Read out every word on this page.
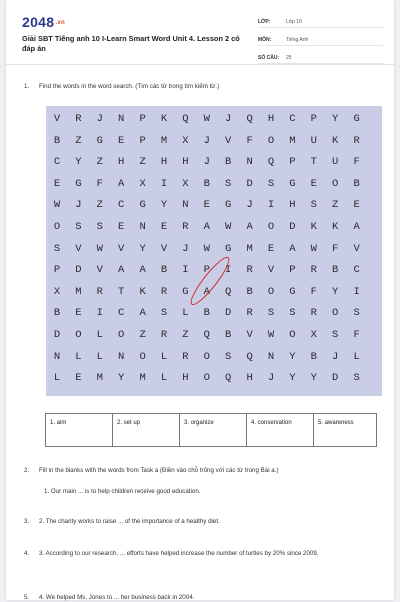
2048.vn
Giải SBT Tiếng anh 10 I-Learn Smart Word Unit 4. Lesson 2 có đáp án
LỚP:	Lớp 10
MÔN:	Tiếng Anh
SỐ CÂU:	25
1. Find the words in the word search. (Tìm các từ trong tìm kiếm từ.)
V	R	J	N	P	K	Q	W	J	Q	H	C	P	Y	G
B	Z	G	E	P	M	X	J	V	F	O	M	U	K	R
C	Y	Z	H	Z	H	H	J	B	N	Q	P	T	U	F
E	G	F	A	X	I	X	B	S	D	S	G	E	O	B
W	J	Z	C	G	Y	N	E	G	J	I	H	S	Z	E
O	S	S	E	N	E	R	A	W	A	O	D	K	K	A
S	V	W	V	Y	V	J	W	G	M	E	A	W	F	V
P	D	V	A	A	B	I	P	I	R	V	P	R	B	C
X	M	R	T	K	R	G	A	Q	B	O	G	F	Y	I
B	E	I	C	A	S	L	B	D	R	S	S	R	O	S
D	O	L	O	Z	R	Z	Q	B	V	W	O	X	S	F
N	L	L	N	O	L	R	O	S	Q	N	Y	B	J	L
L	E	M	Y	M	L	H	O	Q	H	J	Y	Y	D	S
1. aim	2. set up	3. organize	4. conservation	5. awareness
2. Fill in the blanks with the words from Task a (Điền vào chỗ trống với các từ trong Bài a.)
1. Our main ... is to help children receive good education.
3. 2. The charity works to raise ... of the importance of a healthy diet.
4. 3. According to our research, ... efforts have helped increase the number of turtles by 20% since 2009.
5. 4. We helped Ms. Jones to ... her business back in 2004.
